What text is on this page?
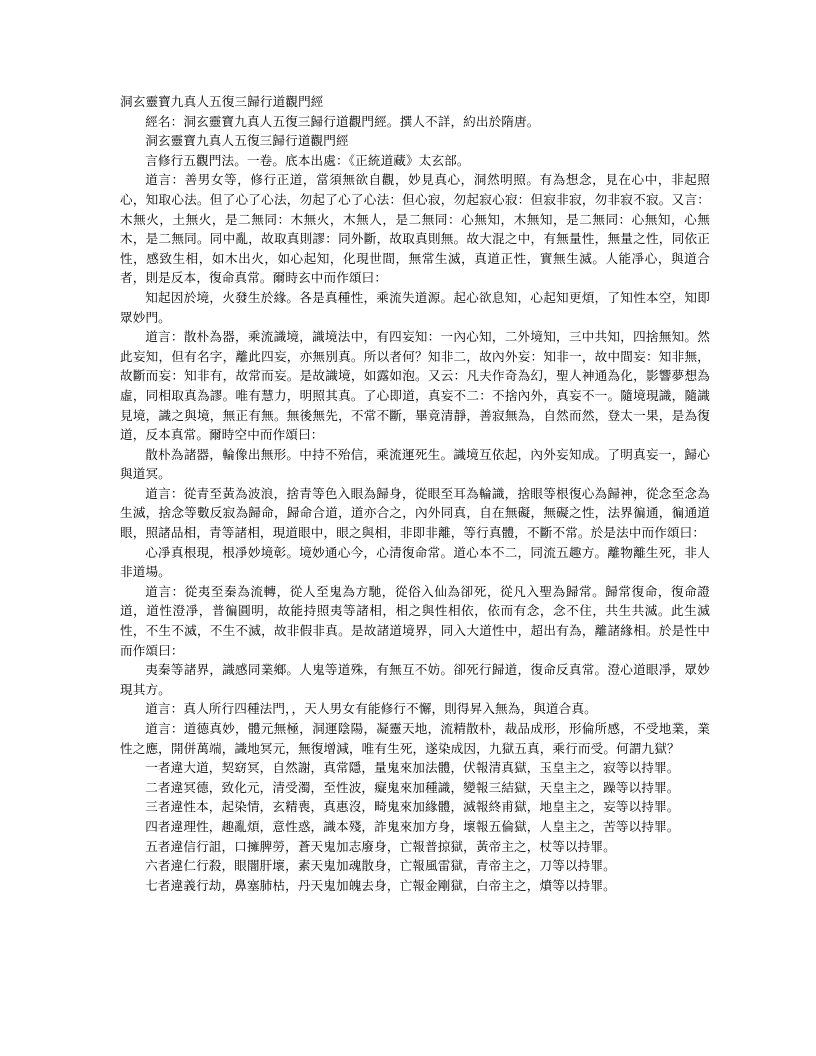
洞玄靈寶九真人五復三歸行道觀門經

經名：洞玄靈寶九真人五復三歸行道觀門經。撰人不詳，約出於隋唐。

洞玄靈寶九真人五復三歸行道觀門經

言修行五觀門法。一卷。底本出處：《正統道藏》太玄部。

道言：善男女等，修行正道，當須無欲自觀，妙見真心，洞然明照。有為想念，見在心中，非起照心，知取心法。但了心了心法，勿起了心了心法：但心寂，勿起寂心寂：但寂非寂，勿非寂不寂。又言：木無火，土無火，是二無同：木無火，木無人，是二無同：心無知，木無知，是二無同：心無知，心無木，是二無同。同中亂，故取真則謬：同外斷，故取真則無。故大混之中，有無量性，無量之性，同依正性，感致生相，如木出火，如心起知，化現世間，無常生滅，真道正性，實無生滅。人能凈心，與道合者，則是反本，復命真常。爾時玄中而作頌曰：

知起因於境，火發生於緣。各是真種性，乘流失道源。起心欲息知，心起知更煩，了知性本空，知即眾妙門。

道言：散朴為器，乘流識境，識境法中，有四妄知：一內心知，二外境知，三中共知，四捨無知。然此妄知，但有名字，離此四妄，亦無別真。所以者何？知非二，故內外妄：知非一，故中間妄：知非無，故斷而妄：知非有，故常而妄。是故識境，如露如泡。又云：凡夫作奇為幻，聖人神通為化，影響夢想為虛，同相取真為謬。唯有慧力，明照其真。了心即道，真妄不二：不捨內外，真妄不一。隨境現識，隨識見境，識之與境，無正有無。無後無先，不常不斷，畢竟清靜，善寂無為，自然而然，登太一果，是為復道，反本真常。爾時空中而作頌曰：

散朴為諸器，輪像出無形。中持不殆信，乘流運死生。識境互依起，內外妄知成。了明真妄一，歸心與道冥。

道言：從青至黃為波浪，捨青等色入眼為歸身，從眼至耳為輪識，捨眼等根復心為歸神，從念至念為生滅，捨念等數反寂為歸命，歸命合道，道亦合之，內外同真，自在無礙，無礙之性，法界徧通，徧通道眼，照諸品相，青等諸相，現道眼中，眼之與相，非即非離，等行真體，不斷不常。於是法中而作頌曰：

心凈真根現，根凈妙境彰。境妙通心今，心清復命常。道心本不二，同流五趣方。離物離生死，非人非道場。

道言：從夷至秦為流轉，從人至鬼為方馳，從俗入仙為卻死，從凡入聖為歸常。歸常復命，復命證道，道性澄凈，普徧圓明，故能持照夷等諸相，相之與性相依，依而有念，念不住，共生共滅。此生滅性，不生不滅，不生不滅，故非假非真。是故諸道境界，同入大道性中，超出有為，離諸緣相。於是性中而作頌曰：

夷秦等諸界，識感同業鄉。人鬼等道殊，有無互不妨。卻死行歸道，復命反真常。澄心道眼凈，眾妙現其方。

道言：真人所行四種法門，，天人男女有能修行不懈，則得昇入無為，與道合真。

道言：道德真妙，體元無極，洞運陰陽，凝靈天地，流精散朴，裁品成形，形倫所感，不受地業，業性之應，開併萬端，識地冥元，無復增減，唯有生死，遂染成因，九獄五真，乘行而受。何謂九獄？

一者違大道，契窈冥，自然謝，真常隱，量鬼來加法體，伏報清真獄，玉皇主之，寂等以持罪。

二者違冥德，致化元，清受濁，至性波，癡鬼來加種識，變報三結獄，天皇主之，躁等以持罪。

三者違性本，起染情，玄精喪，真惠沒，畸鬼來加緣體，滅報終甫獄，地皇主之，妄等以持罪。

四者違理性，趣亂煩，意性惑，識本殘，詐鬼來加方身，壞報五倫獄，人皇主之，苦等以持罪。

五者違信行詛，口擁脾勞，蒼天鬼加志廢身，亡報普掠獄，黃帝主之，杖等以持罪。

六者違仁行殺，眼闇肝壞，素天鬼加魂散身，亡報風雷獄，青帝主之，刀等以持罪。

七者違義行劫，鼻塞肺枯，丹天鬼加魄去身，亡報金剛獄，白帝主之，燌等以持罪。
